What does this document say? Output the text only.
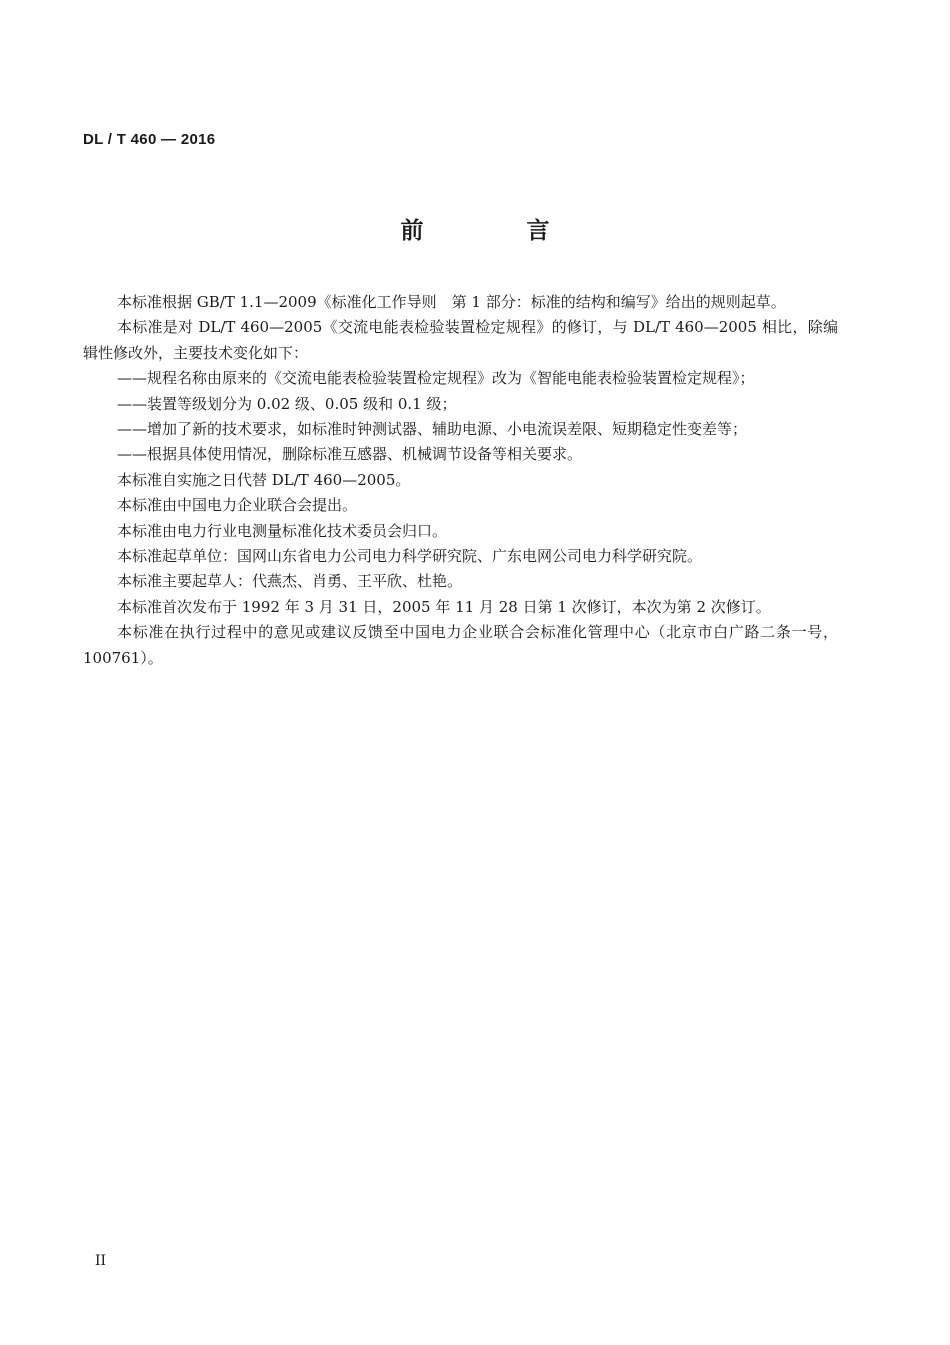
DL / T 460 — 2016
前　言

本标准根据 GB/T 1.1—2009《标准化工作导则　第 1 部分：标准的结构和编写》给出的规则起草。

本标准是对 DL/T 460—2005《交流电能表检验装置检定规程》的修订，与 DL/T 460—2005 相比，除编辑性修改外，主要技术变化如下：

——规程名称由原来的《交流电能表检验装置检定规程》改为《智能电能表检验装置检定规程》；

——装置等级划分为 0.02 级、0.05 级和 0.1 级；

——增加了新的技术要求，如标准时钟测试器、辅助电源、小电流误差限、短期稳定性变差等；

——根据具体使用情况，删除标准互感器、机械调节设备等相关要求。

本标准自实施之日代替 DL/T 460—2005。

本标准由中国电力企业联合会提出。

本标准由电力行业电测量标准化技术委员会归口。

本标准起草单位：国网山东省电力公司电力科学研究院、广东电网公司电力科学研究院。

本标准主要起草人：代燕杰、肖勇、王平欣、杜艳。

本标准首次发布于 1992 年 3 月 31 日，2005 年 11 月 28 日第 1 次修订，本次为第 2 次修订。

本标准在执行过程中的意见或建议反馈至中国电力企业联合会标准化管理中心（北京市白广路二条一号，100761）。

II
